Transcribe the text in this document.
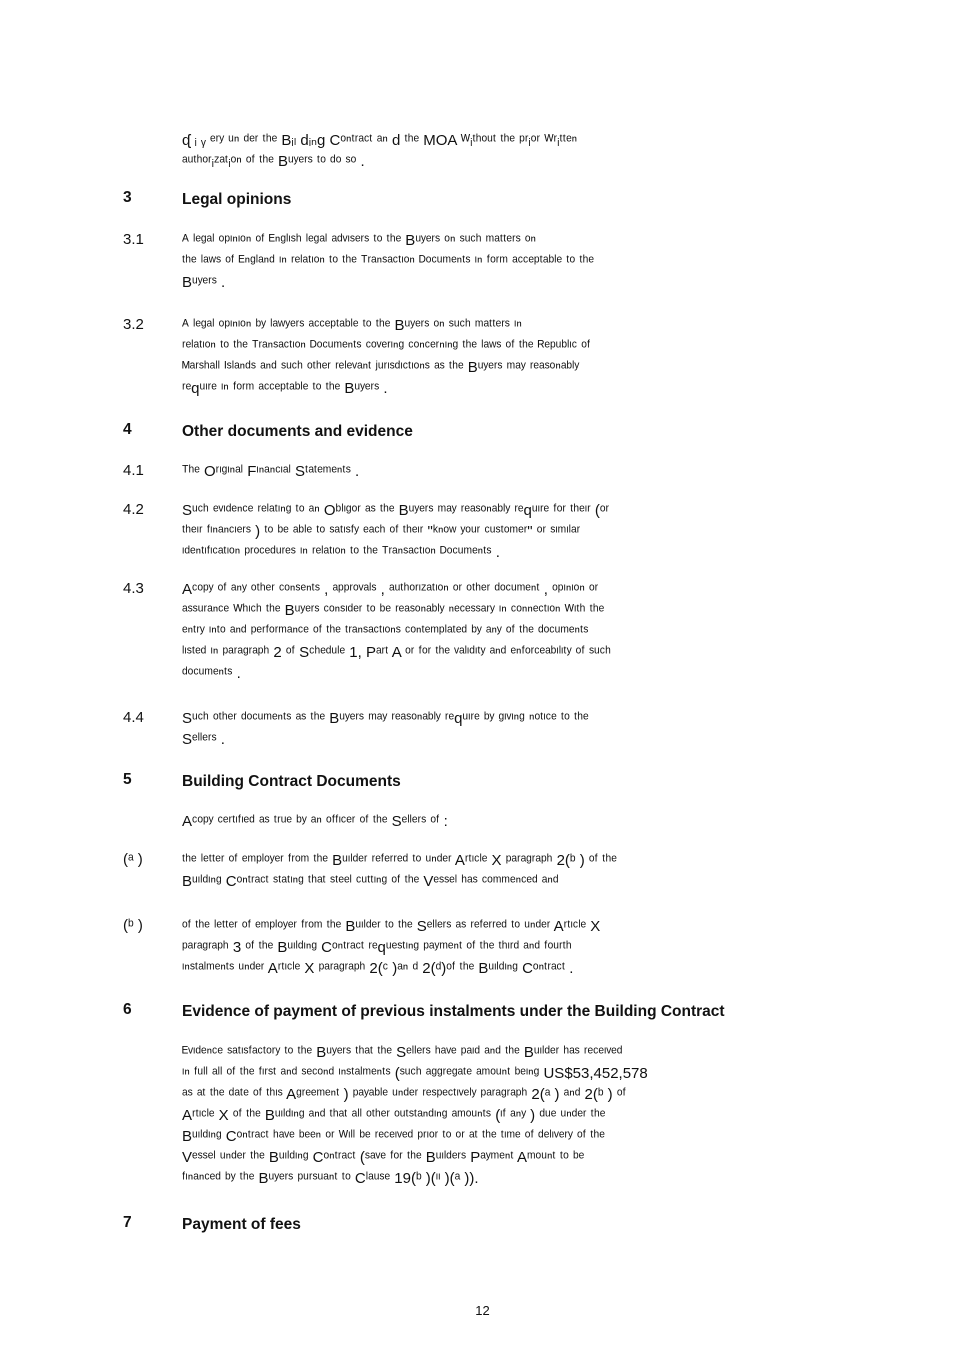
ᶑ ᵢ ᵧ ᵉʳʸ ᵘⁿ ᵈᵉʳ ᵗʰᵉ Bᵢₗ dᵢₙg Cᵒⁿᵗʳᵃᶜᵗ ᵃⁿ d ᵗʰᵉ MOA ᵂᵢᵗʰᵒᵘᵗ ᵗʰᵉ ᵖʳᵢᵒʳ ᵂʳᵢᵗᵗᵉⁿ
ᵃᵘᵗʰᵒʳᵢᶻᵃᵗᵢᵒⁿ ᵒᶠ ᵗʰᵉ Bᵘʸᵉʳˢ ᵗᵒ ᵈᵒ ˢᵒ .
3	Legal opinions
3.1	ᴬ ˡᵉᵍᵃˡ ᵒᵖᶦⁿᶦᵒⁿ ᵒᶠ ᴱⁿᵍˡᶦˢʰ ˡᵉᵍᵃˡ ᵃᵈᵛᶦˢᵉʳˢ ᵗᵒ ᵗʰᵉ Bᵘʸᵉʳˢ ᵒⁿ ˢᵘᶜʰ ᵐᵃᵗᵗᵉʳˢ ᵒⁿ
ᵗʰᵉ ˡᵃʷˢ ᵒᶠ ᴱⁿᵍˡᵃⁿᵈ ᶦⁿ ʳᵉˡᵃᵗᶦᵒⁿ ᵗᵒ ᵗʰᵉ ᵀʳᵃⁿˢᵃᶜᵗᶦᵒⁿ ᴰᵒᶜᵘᵐᵉⁿᵗˢ ᶦⁿ ᶠᵒʳᵐ ᵃᶜᶜᵉᵖᵗᵃᵇˡᵉ ᵗᵒ ᵗʰᵉ
Bᵘʸᵉʳˢ .
3.2	ᴬ ˡᵉᵍᵃˡ ᵒᵖᶦⁿᶦᵒⁿ ᵇʸ ˡᵃʷʸᵉʳˢ ᵃᶜᶜᵉᵖᵗᵃᵇˡᵉ ᵗᵒ ᵗʰᵉ Bᵘʸᵉʳˢ ᵒⁿ ˢᵘᶜʰ ᵐᵃᵗᵗᵉʳˢ ᶦⁿ
ʳᵉˡᵃᵗᶦᵒⁿ ᵗᵒ ᵗʰᵉ ᵀʳᵃⁿˢᵃᶜᵗᶦᵒⁿ ᴰᵒᶜᵘᵐᵉⁿᵗˢ ᶜᵒᵛᵉʳᶦⁿᵍ ᶜᵒⁿᶜᵉʳⁿᶦⁿᵍ ᵗʰᵉ ˡᵃʷˢ ᵒᶠ ᵗʰᵉ ᴿᵉᵖᵘᵇˡᶦᶜ ᵒᶠ
ᴹᵃʳˢʰᵃˡˡ ᴵˢˡᵃⁿᵈˢ ᵃⁿᵈ ˢᵘᶜʰ ᵒᵗʰᵉʳ ʳᵉˡᵉᵛᵃⁿᵗ ʲᵘʳᶦˢᵈᶦᶜᵗᶦᵒⁿˢ ᵃˢ ᵗʰᵉ Bᵘʸᵉʳˢ ᵐᵃʸ ʳᵉᵃˢᵒⁿᵃᵇˡʸ
ʳᵉqᵘᶦʳᵉ ᶦⁿ ᶠᵒʳᵐ ᵃᶜᶜᵉᵖᵗᵃᵇˡᵉ ᵗᵒ ᵗʰᵉ Bᵘʸᵉʳˢ .
4	Other documents and evidence
4.1	ᵀʰᵉ Oʳᶦᵍᶦⁿᵃˡ Fᶦⁿᵃⁿᶜᶦᵃˡ Sᵗᵃᵗᵉᵐᵉⁿᵗˢ .
4.2	Sᵘᶜʰ ᵉᵛᶦᵈᵉⁿᶜᵉ ʳᵉˡᵃᵗᶦⁿᵍ ᵗᵒ ᵃⁿ Oᵇˡᶦᵍᵒʳ ᵃˢ ᵗʰᵉ Bᵘʸᵉʳˢ ᵐᵃʸ ʳᵉᵃˢᵒⁿᵃᵇˡʸ ʳᵉqᵘᶦʳᵉ ᶠᵒʳ ᵗʰᵉᶦʳ (ᵒʳ
ᵗʰᵉᶦʳ ᶠᶦⁿᵃⁿᶜᶦᵉʳˢ ) ᵗᵒ ᵇᵉ ᵃᵇˡᵉ ᵗᵒ ˢᵃᵗᶦˢᶠʸ ᵉᵃᶜʰ ᵒᶠ ᵗʰᵉᶦʳ "ᵏⁿᵒʷ ʸᵒᵘʳ ᶜᵘˢᵗᵒᵐᵉʳ" ᵒʳ ˢᶦᵐᶦˡᵃʳ
ᶦᵈᵉⁿᵗᶦᶠᶦᶜᵃᵗᶦᵒⁿ ᵖʳᵒᶜᵉᵈᵘʳᵉˢ ᶦⁿ ʳᵉˡᵃᵗᶦᵒⁿ ᵗᵒ ᵗʰᵉ ᵀʳᵃⁿˢᵃᶜᵗᶦᵒⁿ ᴰᵒᶜᵘᵐᵉⁿᵗˢ .
4.3	Aᶜᵒᵖʸ ᵒᶠ ᵃⁿʸ ᵒᵗʰᵉʳ ᶜᵒⁿˢᵉⁿᵗˢ , ᵃᵖᵖʳᵒᵛᵃˡˢ , ᵃᵘᵗʰᵒʳᶦᶻᵃᵗᶦᵒⁿ ᵒʳ ᵒᵗʰᵉʳ ᵈᵒᶜᵘᵐᵉⁿᵗ , ᵒᵖᶦⁿᶦᵒⁿ ᵒʳ
ᵃˢˢᵘʳᵃⁿᶜᵉ ᵂʰᶦᶜʰ ᵗʰᵉ Bᵘʸᵉʳˢ ᶜᵒⁿˢᶦᵈᵉʳ ᵗᵒ ᵇᵉ ʳᵉᵃˢᵒⁿᵃᵇˡʸ ⁿᵉᶜᵉˢˢᵃʳʸ ᶦⁿ ᶜᵒⁿⁿᵉᶜᵗᶦᵒⁿ ᵂᶦᵗʰ ᵗʰᵉ
ᵉⁿᵗʳʸ ᶦⁿᵗᵒ ᵃⁿᵈ ᵖᵉʳᶠᵒʳᵐᵃⁿᶜᵉ ᵒᶠ ᵗʰᵉ ᵗʳᵃⁿˢᵃᶜᵗᶦᵒⁿˢ ᶜᵒⁿᵗᵉᵐᵖˡᵃᵗᵉᵈ ᵇʸ ᵃⁿʸ ᵒᶠ ᵗʰᵉ ᵈᵒᶜᵘᵐᵉⁿᵗˢ
ˡᶦˢᵗᵉᵈ ᶦⁿ ᵖᵃʳᵃᵍʳᵃᵖʰ 2 ᵒᶠ Sᶜʰᵉᵈᵘˡᵉ 1, Pᵃʳᵗ A ᵒʳ ᶠᵒʳ ᵗʰᵉ ᵛᵃˡᶦᵈᶦᵗʸ ᵃⁿᵈ ᵉⁿᶠᵒʳᶜᵉᵃᵇᶦˡᶦᵗʸ ᵒᶠ ˢᵘᶜʰ
ᵈᵒᶜᵘᵐᵉⁿᵗˢ .
4.4	Sᵘᶜʰ ᵒᵗʰᵉʳ ᵈᵒᶜᵘᵐᵉⁿᵗˢ ᵃˢ ᵗʰᵉ Bᵘʸᵉʳˢ ᵐᵃʸ ʳᵉᵃˢᵒⁿᵃᵇˡʸ ʳᵉqᵘᶦʳᵉ ᵇʸ ᵍᶦᵛᶦⁿᵍ ⁿᵒᵗᶦᶜᵉ ᵗᵒ ᵗʰᵉ
Sᵉˡˡᵉʳˢ .
5	Building Contract Documents
Aᶜᵒᵖʸ ᶜᵉʳᵗᶦᶠᶦᵉᵈ ᵃˢ ᵗʳᵘᵉ ᵇʸ ᵃⁿ ᵒᶠᶠᶦᶜᵉʳ ᵒᶠ ᵗʰᵉ Sᵉˡˡᵉʳˢ ᵒᶠ :
(ᵃ )	ᵗʰᵉ ˡᵉᵗᵗᵉʳ ᵒᶠ ᵉᵐᵖˡᵒʸᵉʳ ᶠʳᵒᵐ ᵗʰᵉ Bᵘᶦˡᵈᵉʳ ʳᵉᶠᵉʳʳᵉᵈ ᵗᵒ ᵘⁿᵈᵉʳ Aʳᵗᶦᶜˡᵉ X ᵖᵃʳᵃᵍʳᵃᵖʰ 2(ᵇ ) ᵒᶠ ᵗʰᵉ
Bᵘᶦˡᵈᶦⁿᵍ Cᵒⁿᵗʳᵃᶜᵗ ˢᵗᵃᵗᶦⁿᵍ ᵗʰᵃᵗ ˢᵗᵉᵉˡ ᶜᵘᵗᵗᶦⁿᵍ ᵒᶠ ᵗʰᵉ Vᵉˢˢᵉˡ ʰᵃˢ ᶜᵒᵐᵐᵉⁿᶜᵉᵈ ᵃⁿᵈ
(ᵇ )	ᵒᶠ ᵗʰᵉ ˡᵉᵗᵗᵉʳ ᵒᶠ ᵉᵐᵖˡᵒʸᵉʳ ᶠʳᵒᵐ ᵗʰᵉ Bᵘᶦˡᵈᵉʳ ᵗᵒ ᵗʰᵉ Sᵉˡˡᵉʳˢ ᵃˢ ʳᵉᶠᵉʳʳᵉᵈ ᵗᵒ ᵘⁿᵈᵉʳ Aʳᵗᶦᶜˡᵉ X
ᵖᵃʳᵃᵍʳᵃᵖʰ 3 ᵒᶠ ᵗʰᵉ Bᵘᶦˡᵈᶦⁿᵍ Cᵒⁿᵗʳᵃᶜᵗ ʳᵉqᵘᵉˢᵗᶦⁿᵍ ᵖᵃʸᵐᵉⁿᵗ ᵒᶠ ᵗʰᵉ ᵗʰᶦʳᵈ ᵃⁿᵈ ᶠᵒᵘʳᵗʰ
ᶦⁿˢᵗᵃˡᵐᵉⁿᵗˢ ᵘⁿᵈᵉʳ Aʳᵗᶦᶜˡᵉ X ᵖᵃʳᵃᵍʳᵃᵖʰ 2(ᶜ )ᵃⁿ ᵈ 2(ᵈ)ᵒᶠ ᵗʰᵉ Bᵘᶦˡᵈᶦⁿᵍ Cᵒⁿᵗʳᵃᶜᵗ .
6	Evidence of payment of previous instalments under the Building Contract
ᴱᵛᶦᵈᵉⁿᶜᵉ ˢᵃᵗᶦˢᶠᵃᶜᵗᵒʳʸ ᵗᵒ ᵗʰᵉ Bᵘʸᵉʳˢ ᵗʰᵃᵗ ᵗʰᵉ Sᵉˡˡᵉʳˢ ʰᵃᵛᵉ ᵖᵃᶦᵈ ᵃⁿᵈ ᵗʰᵉ Bᵘᶦˡᵈᵉʳ ʰᵃˢ ʳᵉᶜᵉᶦᵛᵉᵈ
ᶦⁿ ᶠᵘˡˡ ᵃˡˡ ᵒᶠ ᵗʰᵉ ᶠᶦʳˢᵗ ᵃⁿᵈ ˢᵉᶜᵒⁿᵈ ᶦⁿˢᵗᵃˡᵐᵉⁿᵗˢ (ˢᵘᶜʰ ᵃᵍᵍʳᵉᵍᵃᵗᵉ ᵃᵐᵒᵘⁿᵗ ᵇᵉᶦⁿᵍ US$53,452,578
ᵃˢ ᵃᵗ ᵗʰᵉ ᵈᵃᵗᵉ ᵒᶠ ᵗʰᶦˢ Aᵍʳᵉᵉᵐᵉⁿᵗ ) ᵖᵃʸᵃᵇˡᵉ ᵘⁿᵈᵉʳ ʳᵉˢᵖᵉᶜᵗᶦᵛᵉˡʸ ᵖᵃʳᵃᵍʳᵃᵖʰ 2(ᵃ ) ᵃⁿᵈ 2(ᵇ ) ᵒᶠ
Aʳᵗᶦᶜˡᵉ X ᵒᶠ ᵗʰᵉ Bᵘᶦˡᵈᶦⁿᵍ ᵃⁿᵈ ᵗʰᵃᵗ ᵃˡˡ ᵒᵗʰᵉʳ ᵒᵘᵗˢᵗᵃⁿᵈᶦⁿᵍ ᵃᵐᵒᵘⁿᵗˢ (ᶦᶠ ᵃⁿʸ ) ᵈᵘᵉ ᵘⁿᵈᵉʳ ᵗʰᵉ
Bᵘᶦˡᵈᶦⁿᵍ Cᵒⁿᵗʳᵃᶜᵗ ʰᵃᵛᵉ ᵇᵉᵉⁿ ᵒʳ ᵂᶦˡˡ ᵇᵉ ʳᵉᶜᵉᶦᵛᵉᵈ ᵖʳᶦᵒʳ ᵗᵒ ᵒʳ ᵃᵗ ᵗʰᵉ ᵗᶦᵐᵉ ᵒᶠ ᵈᵉˡᶦᵛᵉʳʸ ᵒᶠ ᵗʰᵉ
Vᵉˢˢᵉˡ ᵘⁿᵈᵉʳ ᵗʰᵉ Bᵘᶦˡᵈᶦⁿᵍ Cᵒⁿᵗʳᵃᶜᵗ (ˢᵃᵛᵉ ᶠᵒʳ ᵗʰᵉ Bᵘᶦˡᵈᵉʳˢ Pᵃʸᵐᵉⁿᵗ Aᵐᵒᵘⁿᵗ ᵗᵒ ᵇᵉ
ᶠᶦⁿᵃⁿᶜᵉᵈ ᵇʸ ᵗʰᵉ Bᵘʸᵉʳˢ ᵖᵘʳˢᵘᵃⁿᵗ ᵗᵒ Cˡᵃᵘˢᵉ 19(ᵇ )(ᶦᶦ )(ᵃ )).
7	Payment of fees
12
